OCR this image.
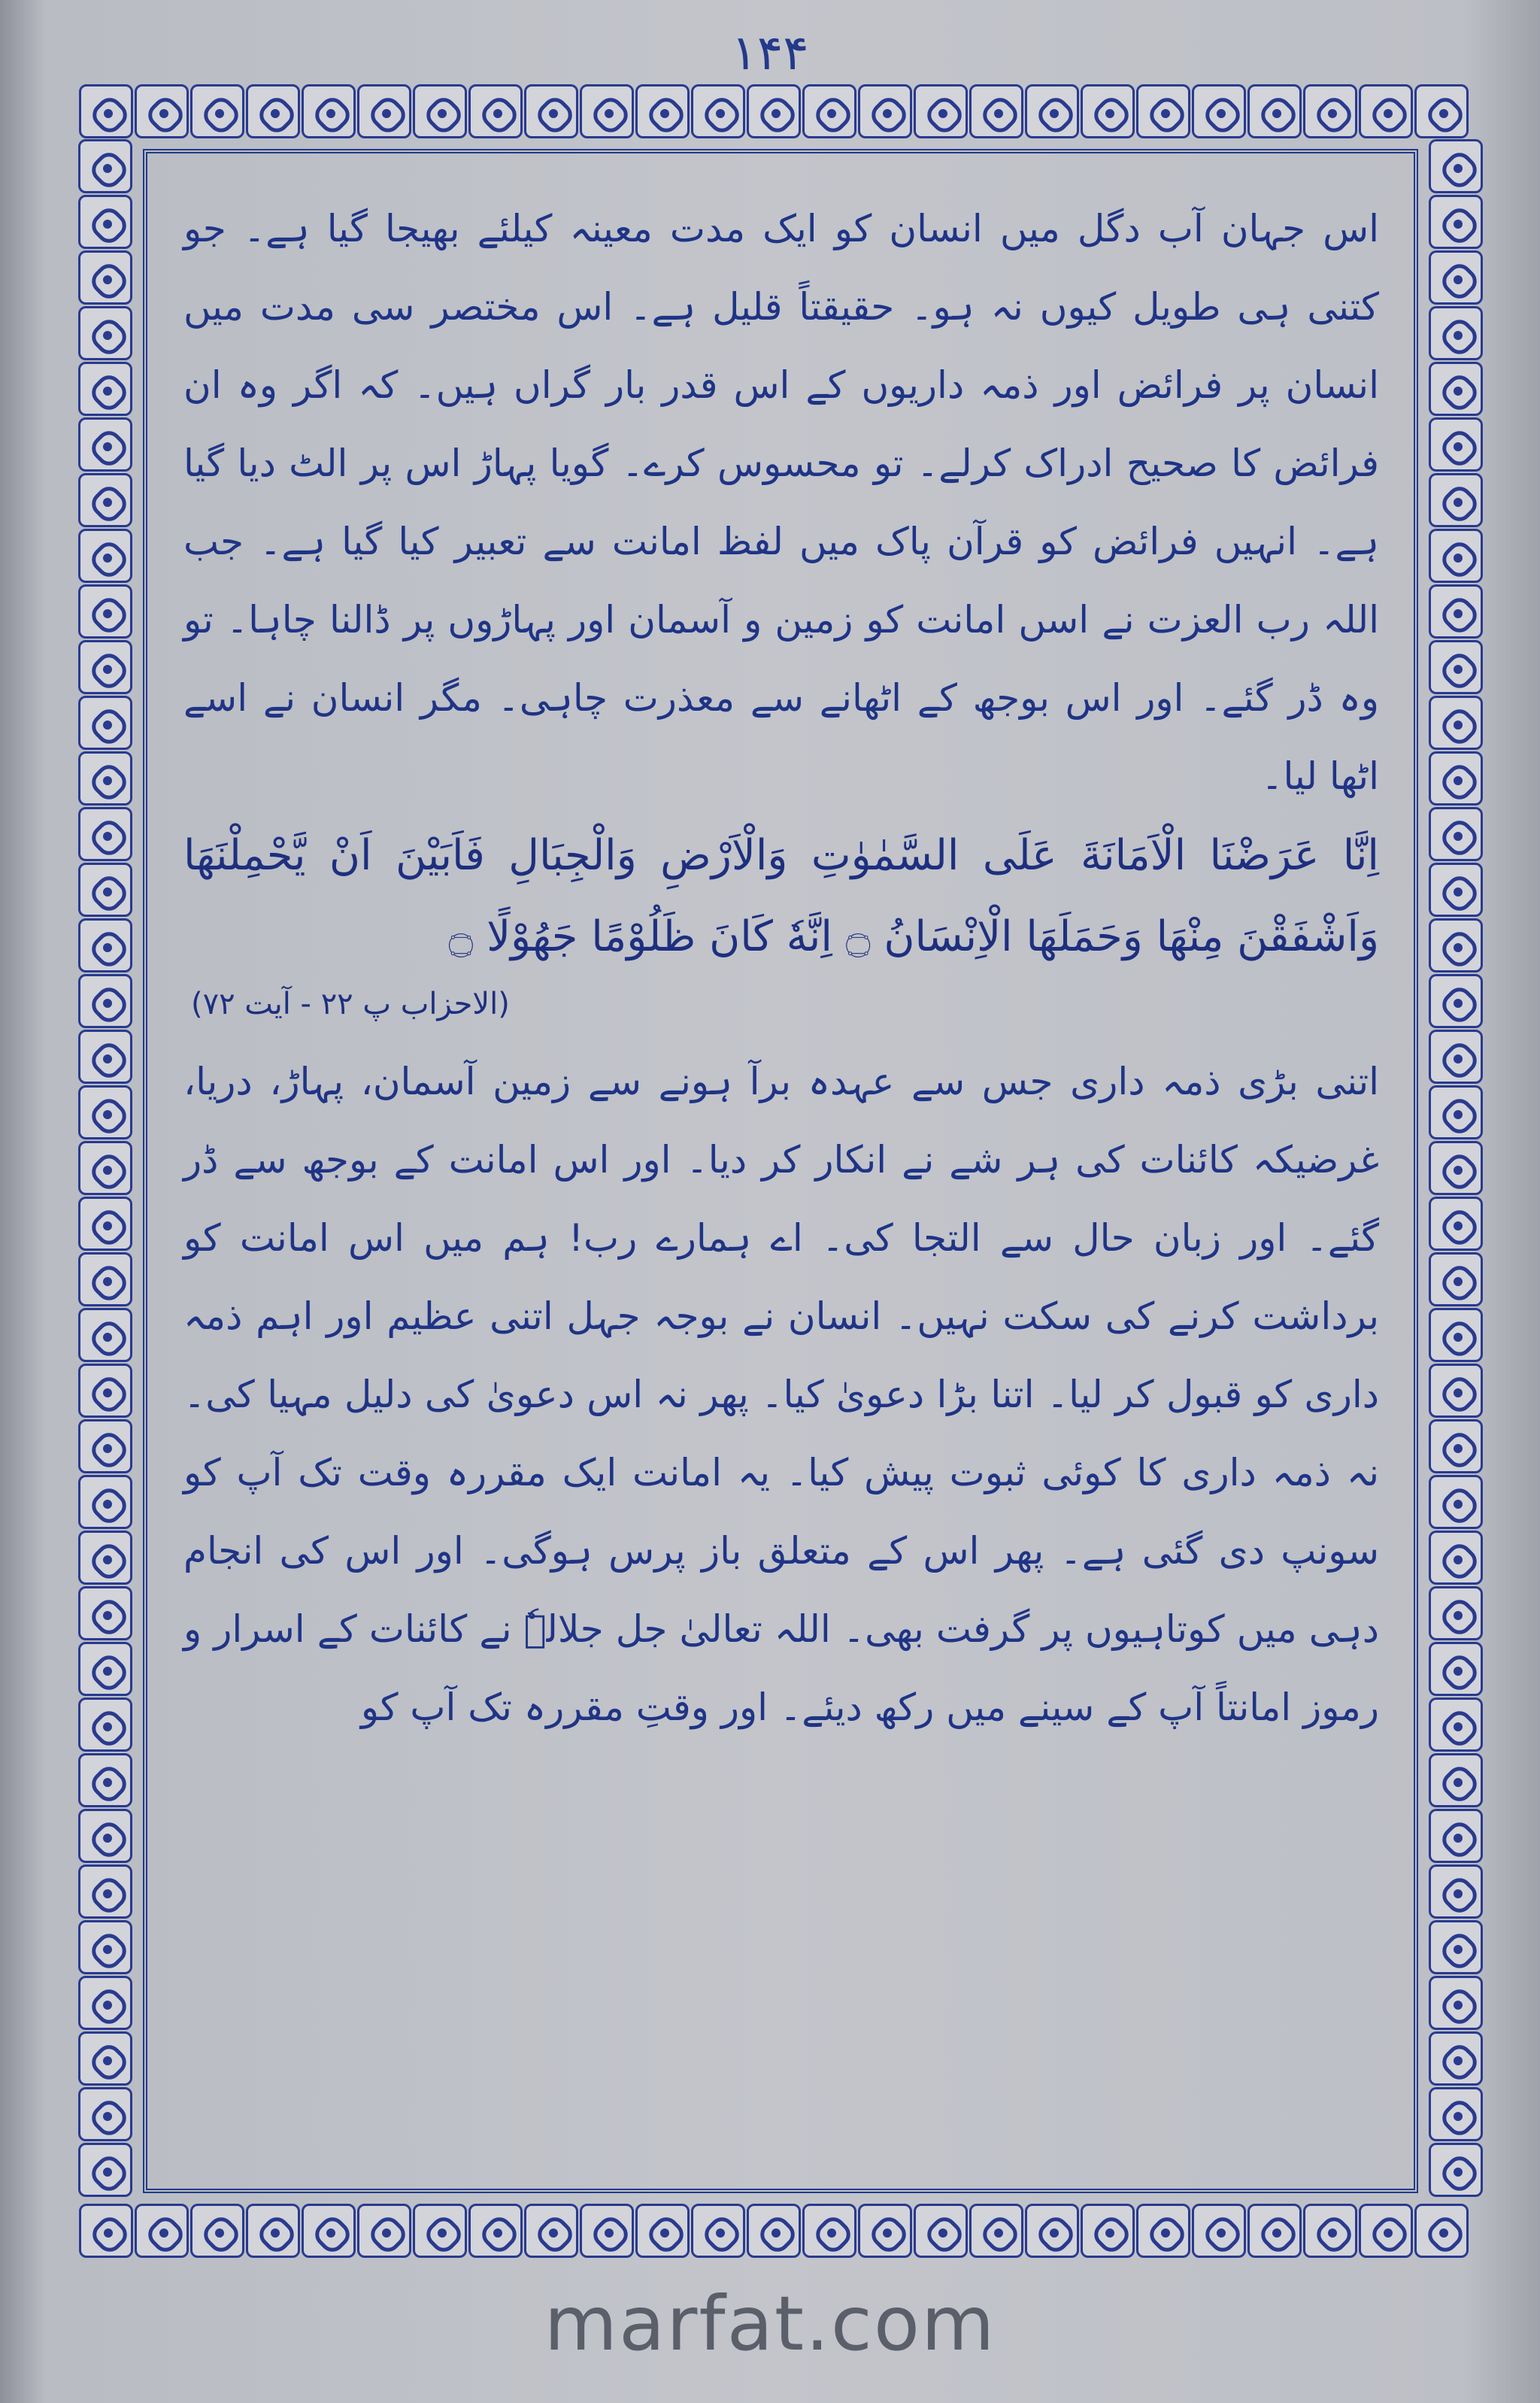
۱۴۴

اس جہان آب دگل میں انسان کو ایک مدت معینہ کیلئے بھیجا گیا ہے۔ جو کتنی ہی طویل کیوں نہ ہو۔ حقیقتاً قلیل ہے۔ اس مختصر سی مدت میں انسان پر فرائض اور ذمہ داریوں کے اس قدر بار گراں ہیں۔ کہ اگر وہ ان فرائض کا صحیح ادراک کرلے۔ تو محسوس کرے۔ گویا پہاڑ اس پر الٹ دیا گیا ہے۔ انہیں فرائض کو قرآن پاک میں لفظ امانت سے تعبیر کیا گیا ہے۔ جب اللہ رب العزت نے اسں امانت کو زمین و آسمان اور پہاڑوں پر ڈالنا چاہا۔ تو وہ ڈر گئے۔ اور اس بوجھ کے اٹھانے سے معذرت چاہی۔ مگر انسان نے اسے اٹھا لیا۔

اِنَّا عَرَضْنَا الْاَمَانَةَ عَلَى السَّمٰوٰتِ وَالْاَرْضِ وَالْجِبَالِ فَاَبَيْنَ اَنْ يَّحْمِلْنَهَا وَاَشْفَقْنَ مِنْهَا وَحَمَلَهَا الْاِنْسَانُ ۝ اِنَّهٗ كَانَ ظَلُوْمًا جَهُوْلًا ۝

(الاحزاب پ ۲۲ - آیت ۷۲)

اتنی بڑی ذمہ داری جس سے عہدہ برآ ہونے سے زمین آسمان، پہاڑ، دریا، غرضیکہ کائنات کی ہر شے نے انکار کر دیا۔ اور اس امانت کے بوجھ سے ڈر گئے۔ اور زبان حال سے التجا کی۔ اے ہمارے رب! ہم میں اس امانت کو برداشت کرنے کی سکت نہیں۔ انسان نے بوجہ جہل اتنی عظیم اور اہم ذمہ داری کو قبول کر لیا۔ اتنا بڑا دعویٰ کیا۔ پھر نہ اس دعویٰ کی دلیل مہیا کی۔ نہ ذمہ داری کا کوئی ثبوت پیش کیا۔ یہ امانت ایک مقررہ وقت تک آپ کو سونپ دی گئی ہے۔ پھر اس کے متعلق باز پرس ہوگی۔ اور اس کی انجام دہی میں کوتاہیوں پر گرفت بھی۔ اللہ تعالیٰ جل جلالہٗ نے کائنات کے اسرار و رموز امانتاً آپ کے سینے میں رکھ دیئے۔ اور وقتِ مقررہ تک آپ کو

marfat.com
